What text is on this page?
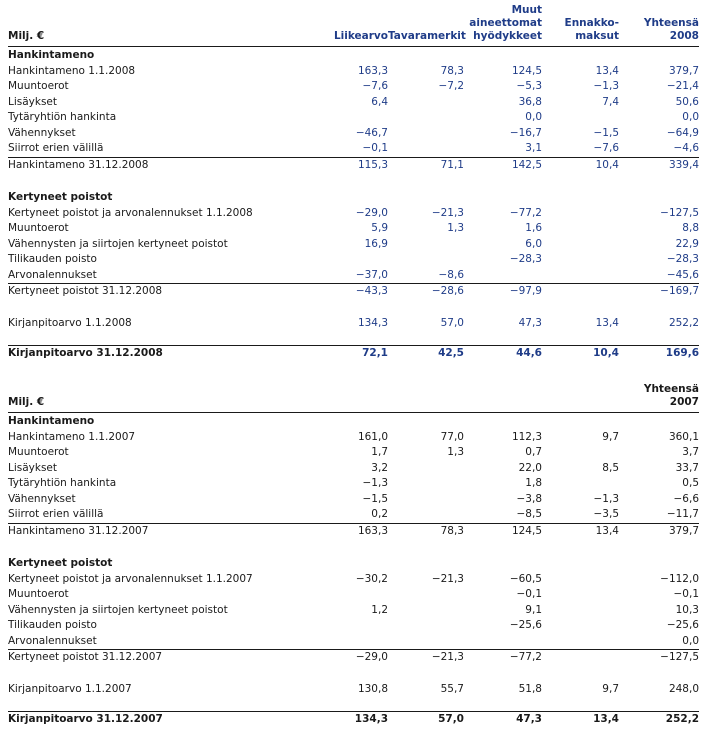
Milj. €	Liikearvo	Tavaramerkit	Muut
aineettomat
hyödykkeet	Ennakko-
maksut	Yhteensä
2008

Hankintameno					
Hankintameno 1.1.2008	163,3	78,3	124,5	13,4	379,7
Muuntoerot	−7,6	−7,2	−5,3	−1,3	−21,4
Lisäykset	6,4		36,8	7,4	50,6
Tytäryhtiön hankinta			0,0		0,0
Vähennykset	−46,7		−16,7	−1,5	−64,9
Siirrot erien välillä	−0,1		3,1	−7,6	−4,6
Hankintameno 31.12.2008	115,3	71,1	142,5	10,4	339,4

Kertyneet poistot					
Kertyneet poistot ja arvonalennukset 1.1.2008	−29,0	−21,3	−77,2		−127,5
Muuntoerot	5,9	1,3	1,6		8,8
Vähennysten ja siirtojen kertyneet poistot	16,9		6,0		22,9
Tilikauden poisto			−28,3		−28,3
Arvonalennukset	−37,0	−8,6			−45,6
Kertyneet poistot 31.12.2008	−43,3	−28,6	−97,9		−169,7

Kirjanpitoarvo 1.1.2008	134,3	57,0	47,3	13,4	252,2

Kirjanpitoarvo 31.12.2008	72,1	42,5	44,6	10,4	169,6
Milj. €					Yhteensä
2007

Hankintameno					
Hankintameno 1.1.2007	161,0	77,0	112,3	9,7	360,1
Muuntoerot	1,7	1,3	0,7		3,7
Lisäykset	3,2		22,0	8,5	33,7
Tytäryhtiön hankinta	−1,3		1,8		0,5
Vähennykset	−1,5		−3,8	−1,3	−6,6
Siirrot erien välillä	0,2		−8,5	−3,5	−11,7
Hankintameno 31.12.2007	163,3	78,3	124,5	13,4	379,7

Kertyneet poistot					
Kertyneet poistot ja arvonalennukset 1.1.2007	−30,2	−21,3	−60,5		−112,0
Muuntoerot			−0,1		−0,1
Vähennysten ja siirtojen kertyneet poistot	1,2		9,1		10,3
Tilikauden poisto			−25,6		−25,6
Arvonalennukset					0,0
Kertyneet poistot 31.12.2007	−29,0	−21,3	−77,2		−127,5

Kirjanpitoarvo 1.1.2007	130,8	55,7	51,8	9,7	248,0

Kirjanpitoarvo 31.12.2007	134,3	57,0	47,3	13,4	252,2
